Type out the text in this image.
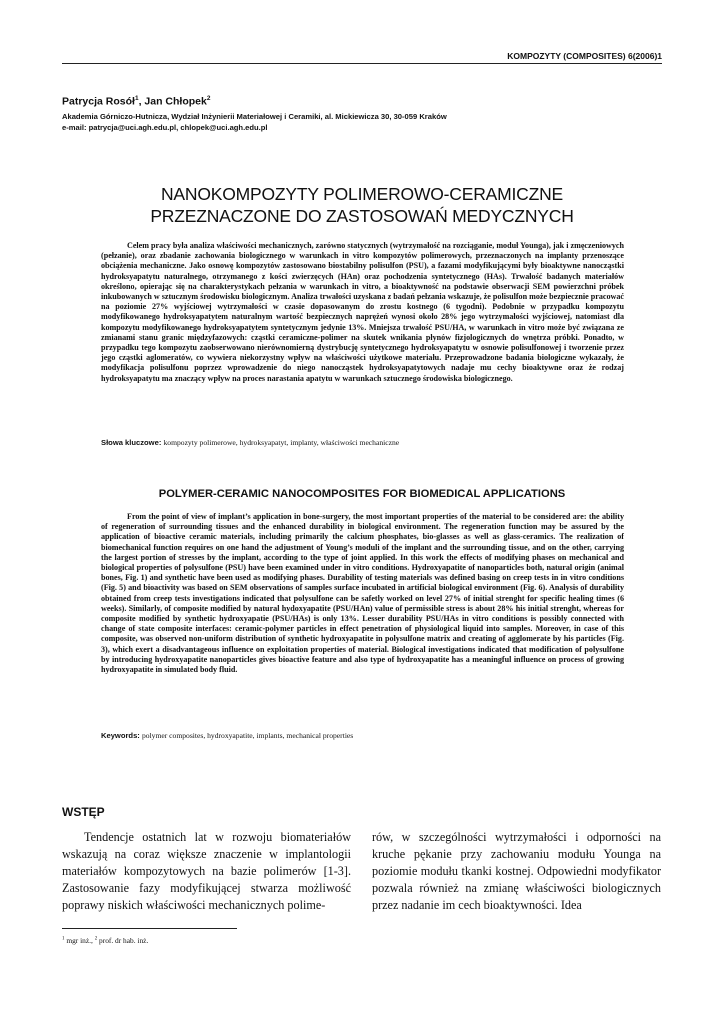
KOMPOZYTY (COMPOSITES) 6(2006)1
Patrycja Rosół$^1$, Jan Chłopek$^2$
Akademia Górniczo-Hutnicza, Wydział Inżynierii Materiałowej i Ceramiki, al. Mickiewicza 30, 30-059 Kraków
e-mail: patrycja@uci.agh.edu.pl, chlopek@uci.agh.edu.pl
NANOKOMPOZYTY POLIMEROWO-CERAMICZNE
PRZEZNACZONE DO ZASTOSOWAŃ MEDYCZNYCH

Celem pracy była analiza właściwości mechanicznych, zarówno statycznych (wytrzymałość na rozciąganie, moduł Younga), jak i zmęczeniowych (pełzanie), oraz zbadanie zachowania biologicznego w warunkach in vitro kompozytów polimerowych, przeznaczonych na implanty przenoszące obciążenia mechaniczne. Jako osnowę kompozytów zastosowano biostabilny polisulfon (PSU), a fazami modyfikującymi były bioaktywne nanocząstki hydroksyapatytu naturalnego, otrzymanego z kości zwierzęcych (HAn) oraz pochodzenia syntetycznego (HAs). Trwałość badanych materiałów określono, opierając się na charakterystykach pełzania w warunkach in vitro, a bioaktywność na podstawie obserwacji SEM powierzchni próbek inkubowanych w sztucznym środowisku biologicznym. Analiza trwałości uzyskana z badań pełzania wskazuje, że polisulfon może bezpiecznie pracować na poziomie 27% wyjściowej wytrzymałości w czasie dopasowanym do zrostu kostnego (6 tygodni). Podobnie w przypadku kompozytu modyfikowanego hydroksyapatytem naturalnym wartość bezpiecznych naprężeń wynosi około 28% jego wytrzymałości wyjściowej, natomiast dla kompozytu modyfikowanego hydroksyapatytem syntetycznym jedynie 13%. Mniejsza trwałość PSU/HA, w warunkach in vitro może być związana ze zmianami stanu granic międzyfazowych: cząstki ceramiczne-polimer na skutek wnikania płynów fizjologicznych do wnętrza próbki. Ponadto, w przypadku tego kompozytu zaobserwowano nierównomierną dystrybucję syntetycznego hydroksyapatytu w osnowie polisulfonowej i tworzenie przez jego cząstki aglomeratów, co wywiera niekorzystny wpływ na właściwości użytkowe materiału. Przeprowadzone badania biologiczne wykazały, że modyfikacja polisulfonu poprzez wprowadzenie do niego nanocząstek hydroksyapatytowych nadaje mu cechy bioaktywne oraz że rodzaj hydroksyapatytu ma znaczący wpływ na proces narastania apatytu w warunkach sztucznego środowiska biologicznego.

Słowa kluczowe: kompozyty polimerowe, hydroksyapatyt, implanty, właściwości mechaniczne
POLYMER-CERAMIC NANOCOMPOSITES FOR BIOMEDICAL APPLICATIONS

From the point of view of implant’s application in bone-surgery, the most important properties of the material to be considered are: the ability of regeneration of surrounding tissues and the enhanced durability in biological environment. The regeneration function may be assured by the application of bioactive ceramic materials, including primarily the calcium phosphates, bio-glasses as well as glass-ceramics. The realization of biomechanical function requires on one hand the adjustment of Young’s moduli of the implant and the surrounding tissue, and on the other, carrying the largest portion of stresses by the implant, according to the type of joint applied. In this work the effects of modifying phases on mechanical and biological properties of polysulfone (PSU) have been examined under in vitro conditions. Hydroxyapatite of nanoparticles both, natural origin (animal bones, Fig. 1) and synthetic have been used as modifying phases. Durability of testing materials was defined basing on creep tests in in vitro conditions (Fig. 5) and bioactivity was based on SEM observations of samples surface incubated in artificial biological environment (Fig. 6). Analysis of durability obtained from creep tests investigations indicated that polysulfone can be safetly worked on level 27% of initial strenght for specific healing times (6 weeks). Similarly, of composite modified by natural hydoxyapatite (PSU/HAn) value of permissible stress is about 28% his initial strenght, whereas for composite modified by synthetic hydroxyapatie (PSU/HAs) is only 13%. Lesser durability PSU/HAs in vitro conditions is possibly connected with change of state composite interfaces: ceramic-polymer particles in effect penetration of physiological liquid into samples. Moreover, in case of this composite, was observed non-uniform distribution of synthetic hydroxyapatite in polysulfone matrix and creating of agglomerate by his particles (Fig. 3), which exert a disadvantageous influence on exploitation properties of material. Biological investigations indicated that modification of polysulfone by introducing hydroxyapatite nanoparticles gives bioactive feature and also type of hydroxyapatite has a meaningful influence on process of growing hydroxyapatite in simulated body fluid.

Keywords: polymer composites, hydroxyapatite, implants, mechanical properties
WSTĘP

Tendencje ostatnich lat w rozwoju biomateriałów wskazują na coraz większe znaczenie w implantologii materiałów kompozytowych na bazie polimerów [1-3]. Zastosowanie fazy modyfikującej stwarza możliwość poprawy niskich właściwości mechanicznych polime-

rów, w szczególności wytrzymałości i odporności na kruche pękanie przy zachowaniu modułu Younga na poziomie modułu tkanki kostnej. Odpowiedni modyfikator pozwala również na zmianę właściwości biologicznych przez nadanie im cech bioaktywności. Idea

$^1$ mgr inż., $^2$ prof. dr hab. inż.
